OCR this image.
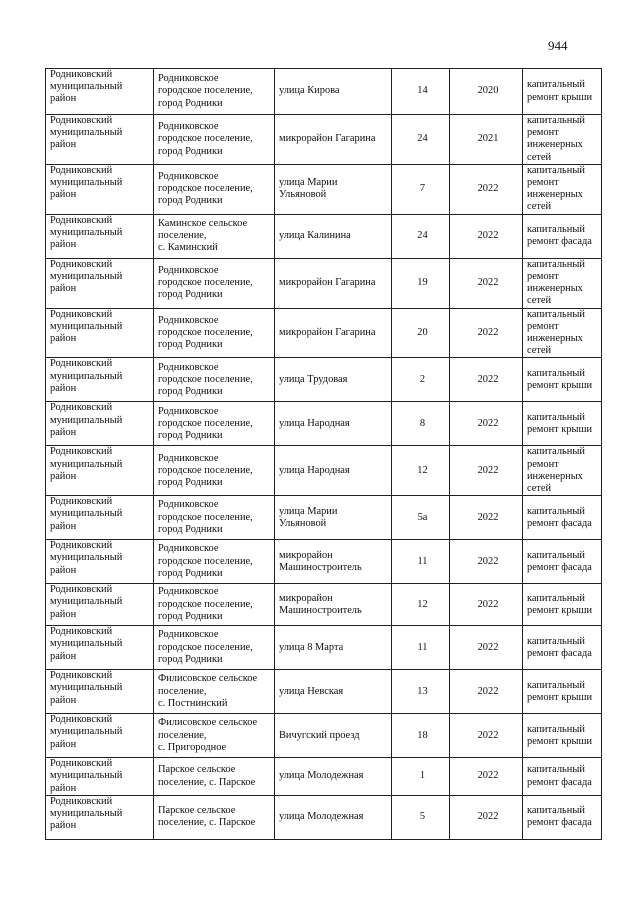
944
Родниковский
муниципальный
район	Родниковское
городское поселение,
город Родники	улица Кирова	14	2020	капитальный
ремонт крыши

Родниковский
муниципальный
район	Родниковское
городское поселение,
город Родники	микрорайон Гагарина	24	2021	капитальный
ремонт
инженерных
сетей

Родниковский
муниципальный
район	Родниковское
городское поселение,
город Родники	улица Марии
Ульяновой	7	2022	капитальный
ремонт
инженерных
сетей

Родниковский
муниципальный
район	Каминское сельское
поселение,
с. Каминский	улица Калинина	24	2022	капитальный
ремонт фасада

Родниковский
муниципальный
район	Родниковское
городское поселение,
город Родники	микрорайон Гагарина	19	2022	капитальный
ремонт
инженерных
сетей

Родниковский
муниципальный
район	Родниковское
городское поселение,
город Родники	микрорайон Гагарина	20	2022	капитальный
ремонт
инженерных
сетей

Родниковский
муниципальный
район	Родниковское
городское поселение,
город Родники	улица Трудовая	2	2022	капитальный
ремонт крыши

Родниковский
муниципальный
район	Родниковское
городское поселение,
город Родники	улица Народная	8	2022	капитальный
ремонт крыши

Родниковский
муниципальный
район	Родниковское
городское поселение,
город Родники	улица Народная	12	2022	капитальный
ремонт
инженерных
сетей

Родниковский
муниципальный
район	Родниковское
городское поселение,
город Родники	улица Марии
Ульяновой	5а	2022	капитальный
ремонт фасада

Родниковский
муниципальный
район	Родниковское
городское поселение,
город Родники	микрорайон
Машиностроитель	11	2022	капитальный
ремонт фасада

Родниковский
муниципальный
район	Родниковское
городское поселение,
город Родники	микрорайон
Машиностроитель	12	2022	капитальный
ремонт крыши

Родниковский
муниципальный
район	Родниковское
городское поселение,
город Родники	улица 8 Марта	11	2022	капитальный
ремонт фасада

Родниковский
муниципальный
район	Филисовское сельское
поселение,
с. Постнинский	улица Невская	13	2022	капитальный
ремонт крыши

Родниковский
муниципальный
район	Филисовское сельское
поселение,
с. Пригородное	Вичугский проезд	18	2022	капитальный
ремонт крыши

Родниковский
муниципальный
район	Парское сельское
поселение, с. Парское	улица Молодежная	1	2022	капитальный
ремонт фасада

Родниковский
муниципальный
район	Парское сельское
поселение, с. Парское	улица Молодежная	5	2022	капитальный
ремонт фасада
